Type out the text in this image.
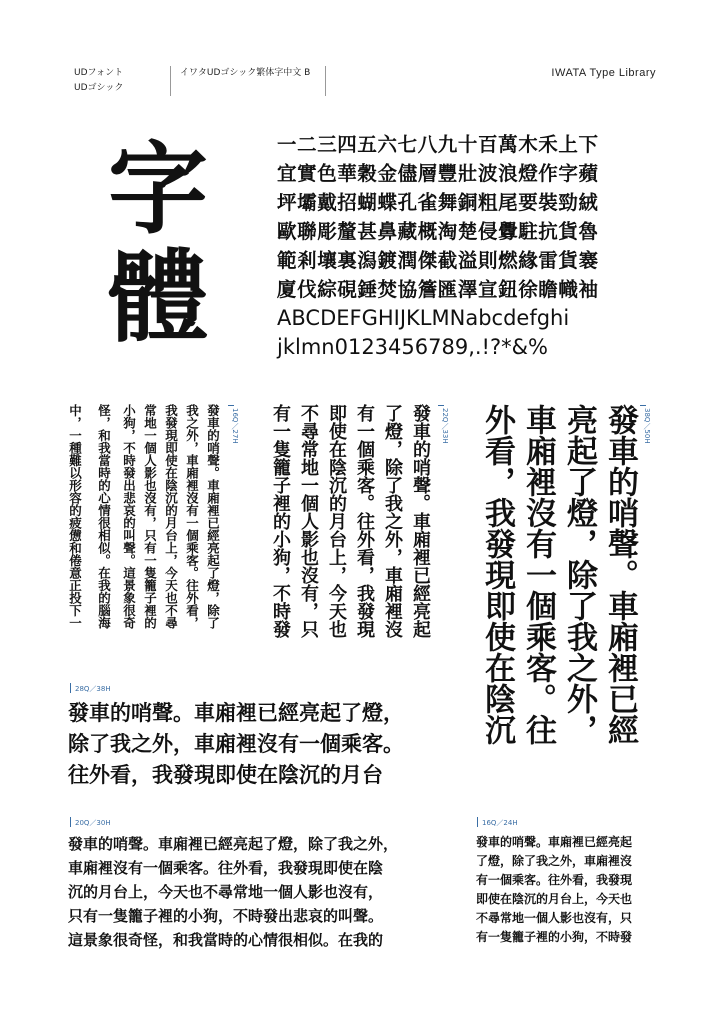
UDフォント
UDゴシック
イワタUDゴシック繁体字中文 B	IWATA Type Library
字
體
一二三四五六七八九十百萬木禾上下
宜實色華穀金儘層豐壯波浪燈作字蘋
坪壩戴招蝴蝶孔雀舞銅粗尾要裝勁絨
歐聯彫釐甚鼻藏概淘楚侵釁駐抗貨魯
範剎壤裏潟鍍潤傑截溢則燃緣雷貨褰
廈伐綜硯錘焚協簷匯澤宣鈕徐瞻幟袖
ABCDEFGHIJKLMNabcdefghi
jklmn0123456789,.!?*&%
38Q／50H
發車的哨聲。車廂裡已經
亮起了燈，除了我之外，
車廂裡沒有一個乘客。往
外看，我發現即使在陰沉
22Q／33H
發車的哨聲。車廂裡已經亮起
了燈，除了我之外，車廂裡沒
有一個乘客。往外看，我發現
即使在陰沉的月台上，今天也
不尋常地一個人影也沒有，只
有一隻籠子裡的小狗，不時發
16Q／27H
發車的哨聲。車廂裡已經亮起了燈，除了
我之外，車廂裡沒有一個乘客。往外看，
我發現即使在陰沉的月台上，今天也不尋
常地一個人影也沒有，只有一隻籠子裡的
小狗，不時發出悲哀的叫聲。這景象很奇
怪，和我當時的心情很相似。在我的腦海
中，一種難以形容的疲憊和倦意正投下一
28Q／38H
發車的哨聲。車廂裡已經亮起了燈，
除了我之外，車廂裡沒有一個乘客。
往外看，我發現即使在陰沉的月台
20Q／30H
發車的哨聲。車廂裡已經亮起了燈，除了我之外，
車廂裡沒有一個乘客。往外看，我發現即使在陰
沉的月台上，今天也不尋常地一個人影也沒有，
只有一隻籠子裡的小狗，不時發出悲哀的叫聲。
這景象很奇怪，和我當時的心情很相似。在我的
16Q／24H
發車的哨聲。車廂裡已經亮起
了燈，除了我之外，車廂裡沒
有一個乘客。往外看，我發現
即使在陰沉的月台上，今天也
不尋常地一個人影也沒有，只
有一隻籠子裡的小狗，不時發
